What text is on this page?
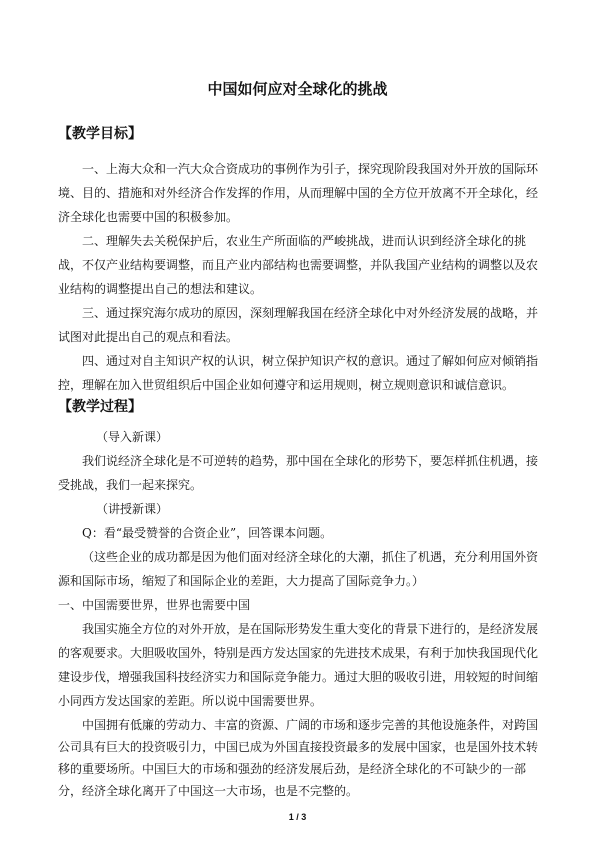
中国如何应对全球化的挑战
【教学目标】
一、上海大众和一汽大众合资成功的事例作为引子，探究现阶段我国对外开放的国际环
境、目的、措施和对外经济合作发挥的作用，从而理解中国的全方位开放离不开全球化，经
济全球化也需要中国的积极参加。
二、理解失去关税保护后，农业生产所面临的严峻挑战，进而认识到经济全球化的挑
战，不仅产业结构要调整，而且产业内部结构也需要调整，并队我国产业结构的调整以及农
业结构的调整提出自己的想法和建议。
三、通过探究海尔成功的原因，深刻理解我国在经济全球化中对外经济发展的战略，并
试图对此提出自己的观点和看法。
四、通过对自主知识产权的认识，树立保护知识产权的意识。通过了解如何应对倾销指
控，理解在加入世贸组织后中国企业如何遵守和运用规则，树立规则意识和诚信意识。
【教学过程】
（导入新课）
我们说经济全球化是不可逆转的趋势，那中国在全球化的形势下，要怎样抓住机遇，接
受挑战，我们一起来探究。
（讲授新课）
Q：看“最受赞誉的合资企业”，回答课本问题。
（这些企业的成功都是因为他们面对经济全球化的大潮，抓住了机遇，充分利用国外资
源和国际市场，缩短了和国际企业的差距，大力提高了国际竞争力。）
一、中国需要世界，世界也需要中国
我国实施全方位的对外开放，是在国际形势发生重大变化的背景下进行的，是经济发展
的客观要求。大胆吸收国外，特别是西方发达国家的先进技术成果，有利于加快我国现代化
建设步伐，增强我国科技经济实力和国际竞争能力。通过大胆的吸收引进，用较短的时间缩
小同西方发达国家的差距。所以说中国需要世界。
中国拥有低廉的劳动力、丰富的资源、广阔的市场和逐步完善的其他设施条件，对跨国
公司具有巨大的投资吸引力，中国已成为外国直接投资最多的发展中国家，也是国外技术转
移的重要场所。中国巨大的市场和强劲的经济发展后劲，是经济全球化的不可缺少的一部
1 / 3
分，经济全球化离开了中国这一大市场，也是不完整的。
